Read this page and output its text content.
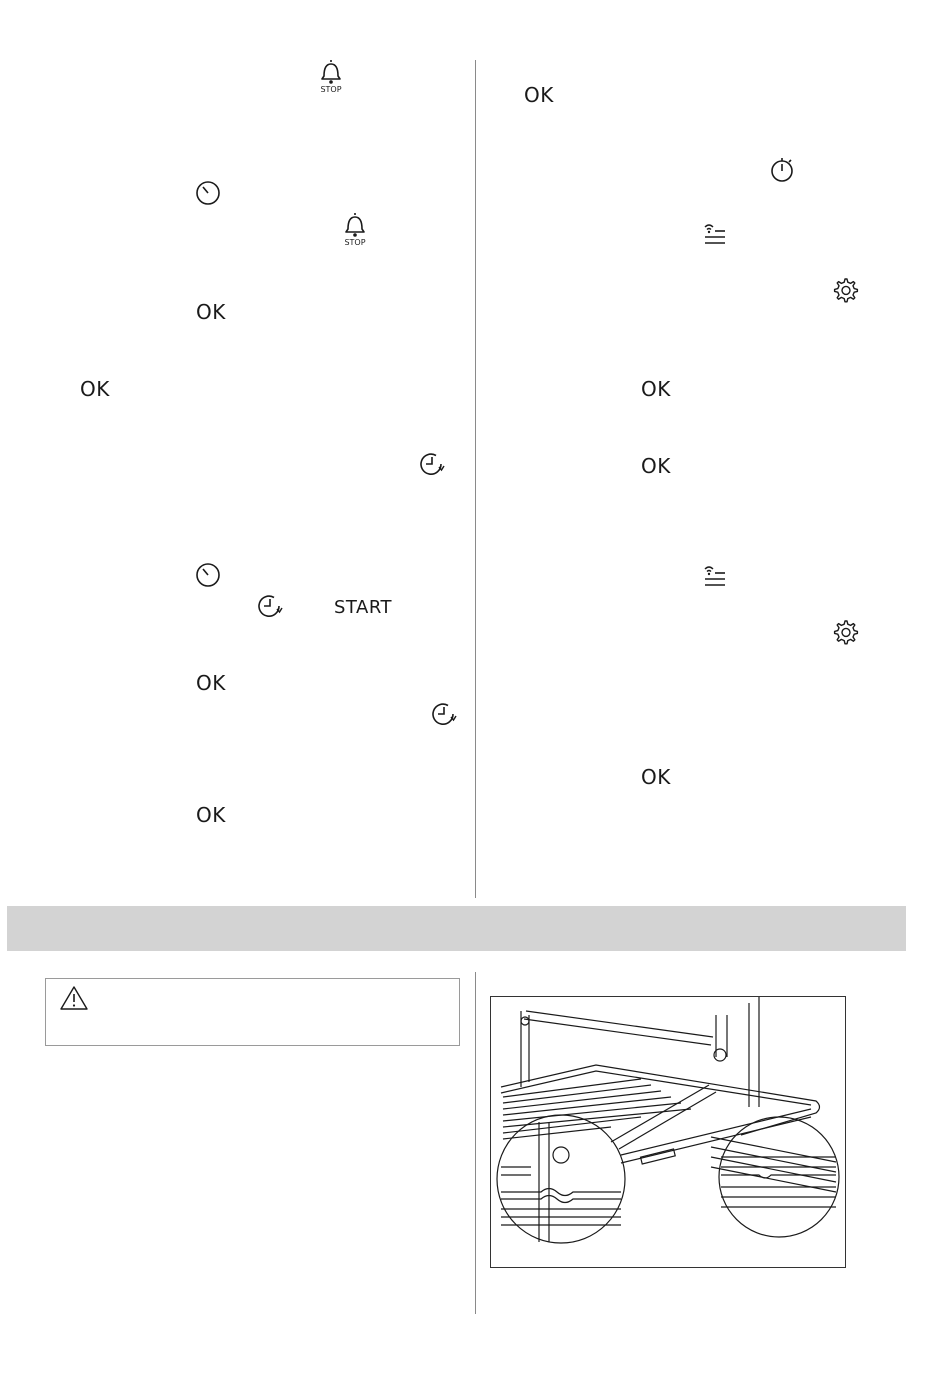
STOP
STOP
OK
OK
START
OK
OK
OK
OK
OK
OK
